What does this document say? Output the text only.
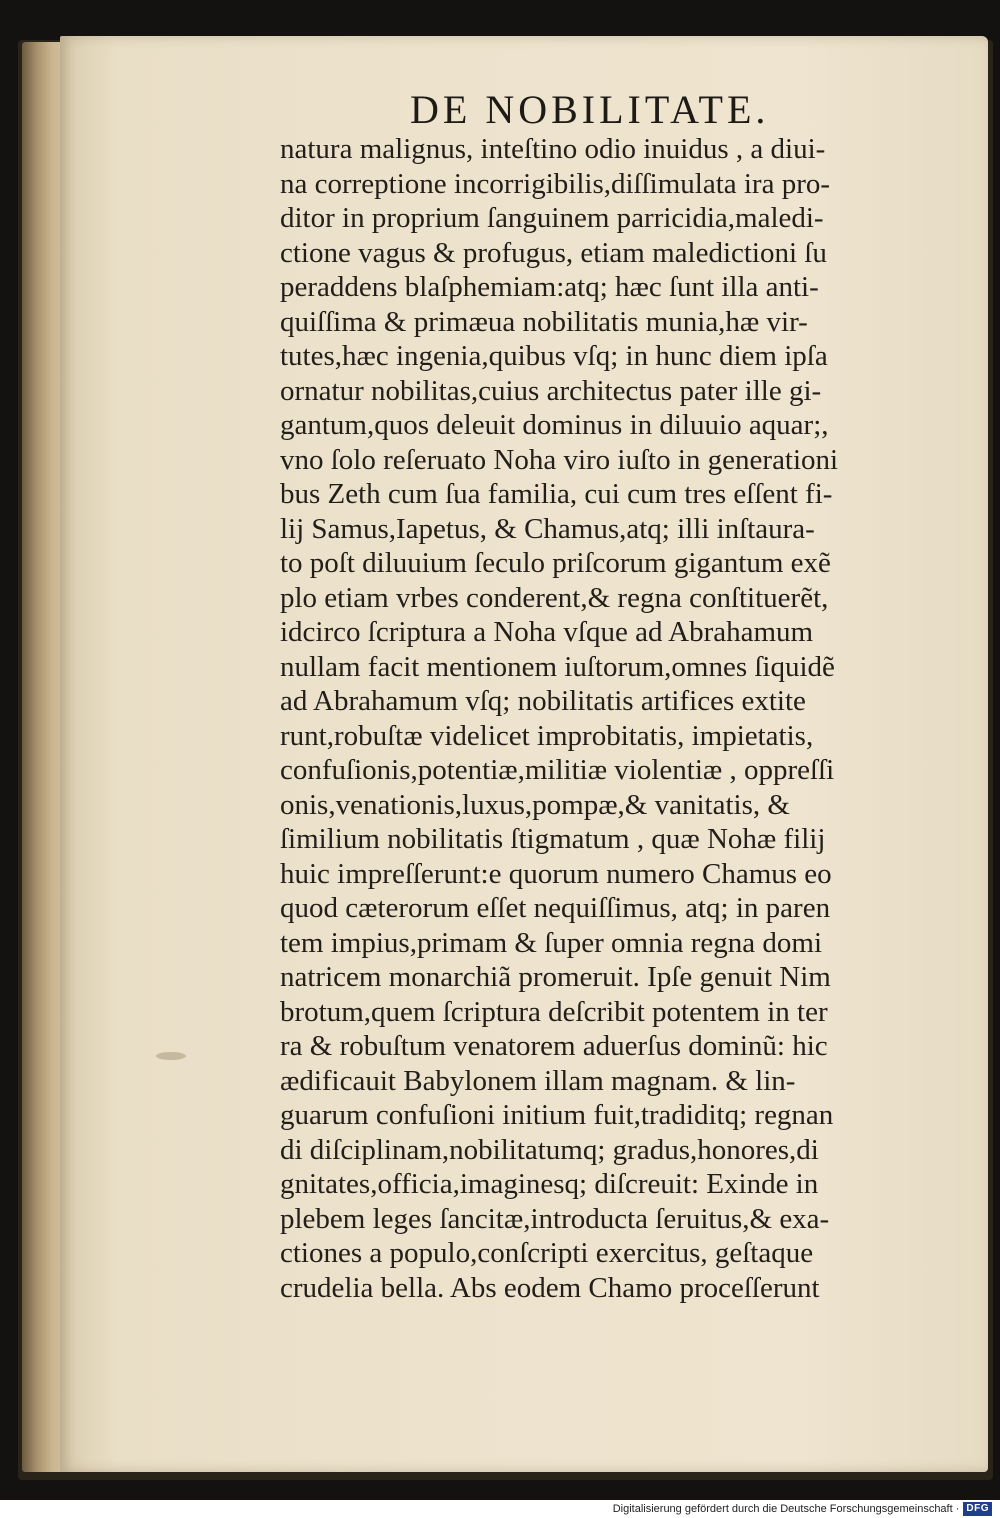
DE NOBILITATE.
natura malignus, inteſtino odio inuidus , a diui-
na correptione incorrigibilis,diſſimulata ira pro-
ditor in proprium ſanguinem parricidia,maledi-
ctione vagus & profugus, etiam maledictioni ſu
peraddens blaſphemiam:atq; hæc ſunt illa anti-
quiſſima & primæua nobilitatis munia,hæ vir-
tutes,hæc ingenia,quibus vſq; in hunc diem ipſa
ornatur nobilitas,cuius architectus pater ille gi-
gantum,quos deleuit dominus in diluuio aquar;,
vno ſolo reſeruato Noha viro iuſto in generationi
bus Zeth cum ſua familia, cui cum tres eſſent fi-
lij Samus,Iapetus, & Chamus,atq; illi inſtaura-
to poſt diluuium ſeculo priſcorum gigantum exẽ
plo etiam vrbes conderent,& regna conſtituerẽt,
idcirco ſcriptura a Noha vſque ad Abrahamum
nullam facit mentionem iuſtorum,omnes ſiquidẽ
ad Abrahamum vſq; nobilitatis artifices extite
runt,robuſtæ videlicet improbitatis, impietatis,
confuſionis,potentiæ,militiæ violentiæ , oppreſſi
onis,venationis,luxus,pompæ,& vanitatis, &
ſimilium nobilitatis ſtigmatum , quæ Nohæ filij
huic impreſſerunt:e quorum numero Chamus eo
quod cæterorum eſſet nequiſſimus, atq; in paren
tem impius,primam & ſuper omnia regna domi
natricem monarchiã promeruit. Ipſe genuit Nim
brotum,quem ſcriptura deſcribit potentem in ter
ra & robuſtum venatorem aduerſus dominũ: hic
ædificauit Babylonem illam magnam. & lin-
guarum confuſioni initium fuit,tradiditq; regnan
di diſciplinam,nobilitatumq; gradus,honores,di
gnitates,officia,imaginesq; diſcreuit: Exinde in
plebem leges ſancitæ,introducta ſeruitus,& exa-
ctiones a populo,conſcripti exercitus, geſtaque
crudelia bella. Abs eodem Chamo proceſſerunt
Digitalisierung gefördert durch die Deutsche Forschungsgemeinschaft · DFG
